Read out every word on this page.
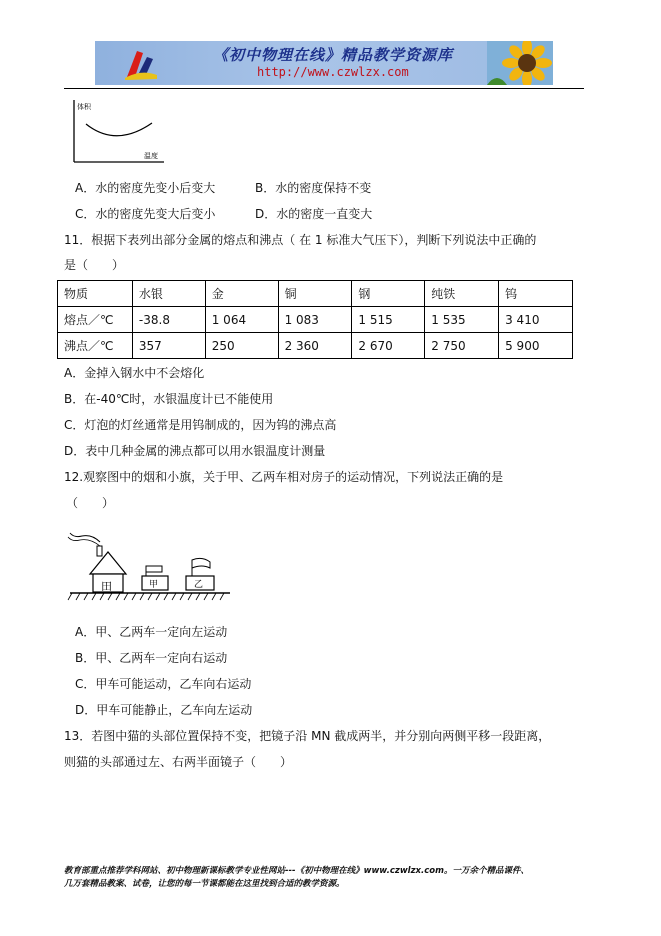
《初中物理在线》精品教学资源库
http://www.czwlzx.com
体积
温度
A．水的密度先变小后变大	B．水的密度保持不变
C．水的密度先变大后变小	D．水的密度一直变大
11．根据下表列出部分金属的熔点和沸点（ 在 1 标准大气压下），判断下列说法中正确的
是（　　）
物质	水银	金	铜	钢	纯铁	钨
熔点／℃	-38.8	1 064	1 083	1 515	1 535	3 410
沸点／℃	357	250	2 360	2 670	2 750	5 900
A．金掉入钢水中不会熔化
B．在-40℃时，水银温度计已不能使用
C．灯泡的灯丝通常是用钨制成的，因为钨的沸点高
D．表中几种金属的沸点都可以用水银温度计测量
12.观察图中的烟和小旗，关于甲、乙两车相对房子的运动情况，下列说法正确的是
（　　）
田	甲	乙
A．甲、乙两车一定向左运动
B．甲、乙两车一定向右运动
C．甲车可能运动，乙车向右运动
D．甲车可能静止，乙车向左运动
13．若图中猫的头部位置保持不变，把镜子沿 MN 截成两半，并分别向两侧平移一段距离，
则猫的头部通过左、右两半面镜子（　　）
教育部重点推荐学科网站、初中物理新课标教学专业性网站---《初中物理在线》www.czwlzx.com。一万余个精品课件、
几万套精品教案、试卷，让您的每一节课都能在这里找到合适的教学资源。
